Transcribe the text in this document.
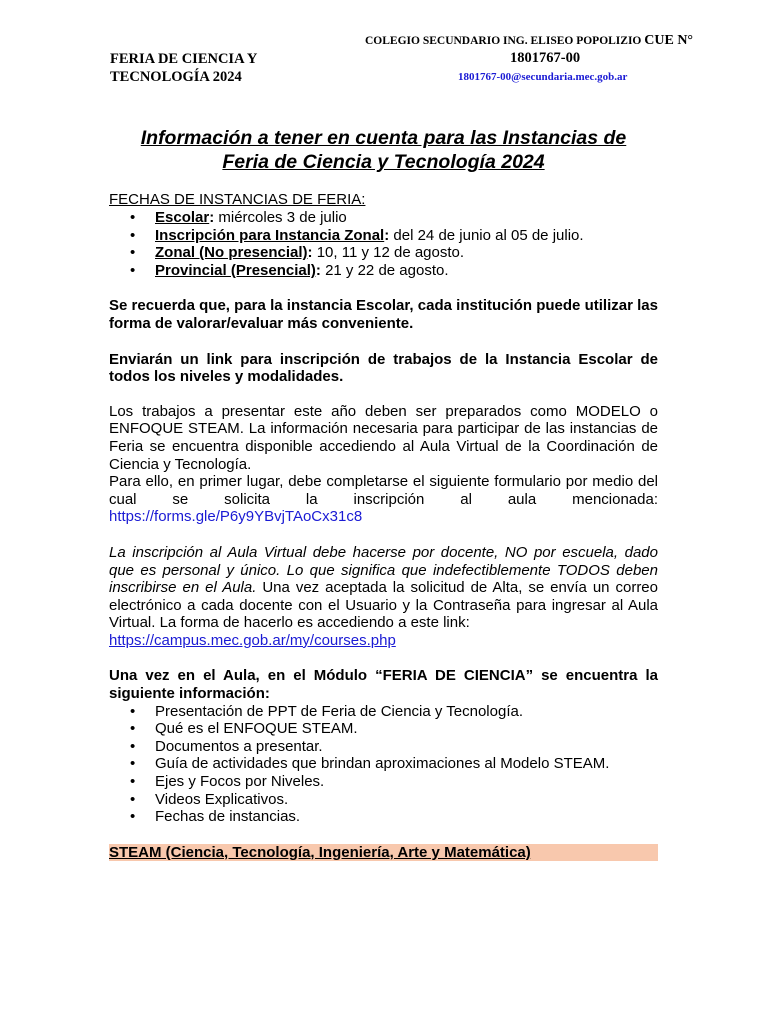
FERIA DE CIENCIA Y
TECNOLOGÍA 2024
COLEGIO SECUNDARIO ING. ELISEO POPOLIZIO CUE N°
1801767-00
1801767-00@secundaria.mec.gob.ar
Información a tener en cuenta para las Instancias de
Feria de Ciencia y Tecnología 2024
FECHAS DE INSTANCIAS DE FERIA:
• Escolar: miércoles 3 de julio
• Inscripción para Instancia Zonal: del 24 de junio al 05 de julio.
• Zonal (No presencial): 10, 11 y 12 de agosto.
• Provincial (Presencial): 21 y 22 de agosto.

Se recuerda que, para la instancia Escolar, cada institución puede utilizar las forma de valorar/evaluar más conveniente.

Enviarán un link para inscripción de trabajos de la Instancia Escolar de todos los niveles y modalidades.

Los trabajos a presentar este año deben ser preparados como MODELO o ENFOQUE STEAM. La información necesaria para participar de las instancias de Feria se encuentra disponible accediendo al Aula Virtual de la Coordinación de Ciencia y Tecnología.

Para ello, en primer lugar, debe completarse el siguiente formulario por medio del cual se solicita la inscripción al aula mencionada:

https://forms.gle/P6y9YBvjTAoCx31c8

La inscripción al Aula Virtual debe hacerse por docente, NO por escuela, dado que es personal y único. Lo que significa que indefectiblemente TODOS deben inscribirse en el Aula. Una vez aceptada la solicitud de Alta, se envía un correo electrónico a cada docente con el Usuario y la Contraseña para ingresar al Aula Virtual. La forma de hacerlo es accediendo a este link:

https://campus.mec.gob.ar/my/courses.php

Una vez en el Aula, en el Módulo “FERIA DE CIENCIA” se encuentra la siguiente información:

• Presentación de PPT de Feria de Ciencia y Tecnología.
• Qué es el ENFOQUE STEAM.
• Documentos a presentar.
• Guía de actividades que brindan aproximaciones al Modelo STEAM.
• Ejes y Focos por Niveles.
• Videos Explicativos.
• Fechas de instancias.
STEAM (Ciencia, Tecnología, Ingeniería, Arte y Matemática)
